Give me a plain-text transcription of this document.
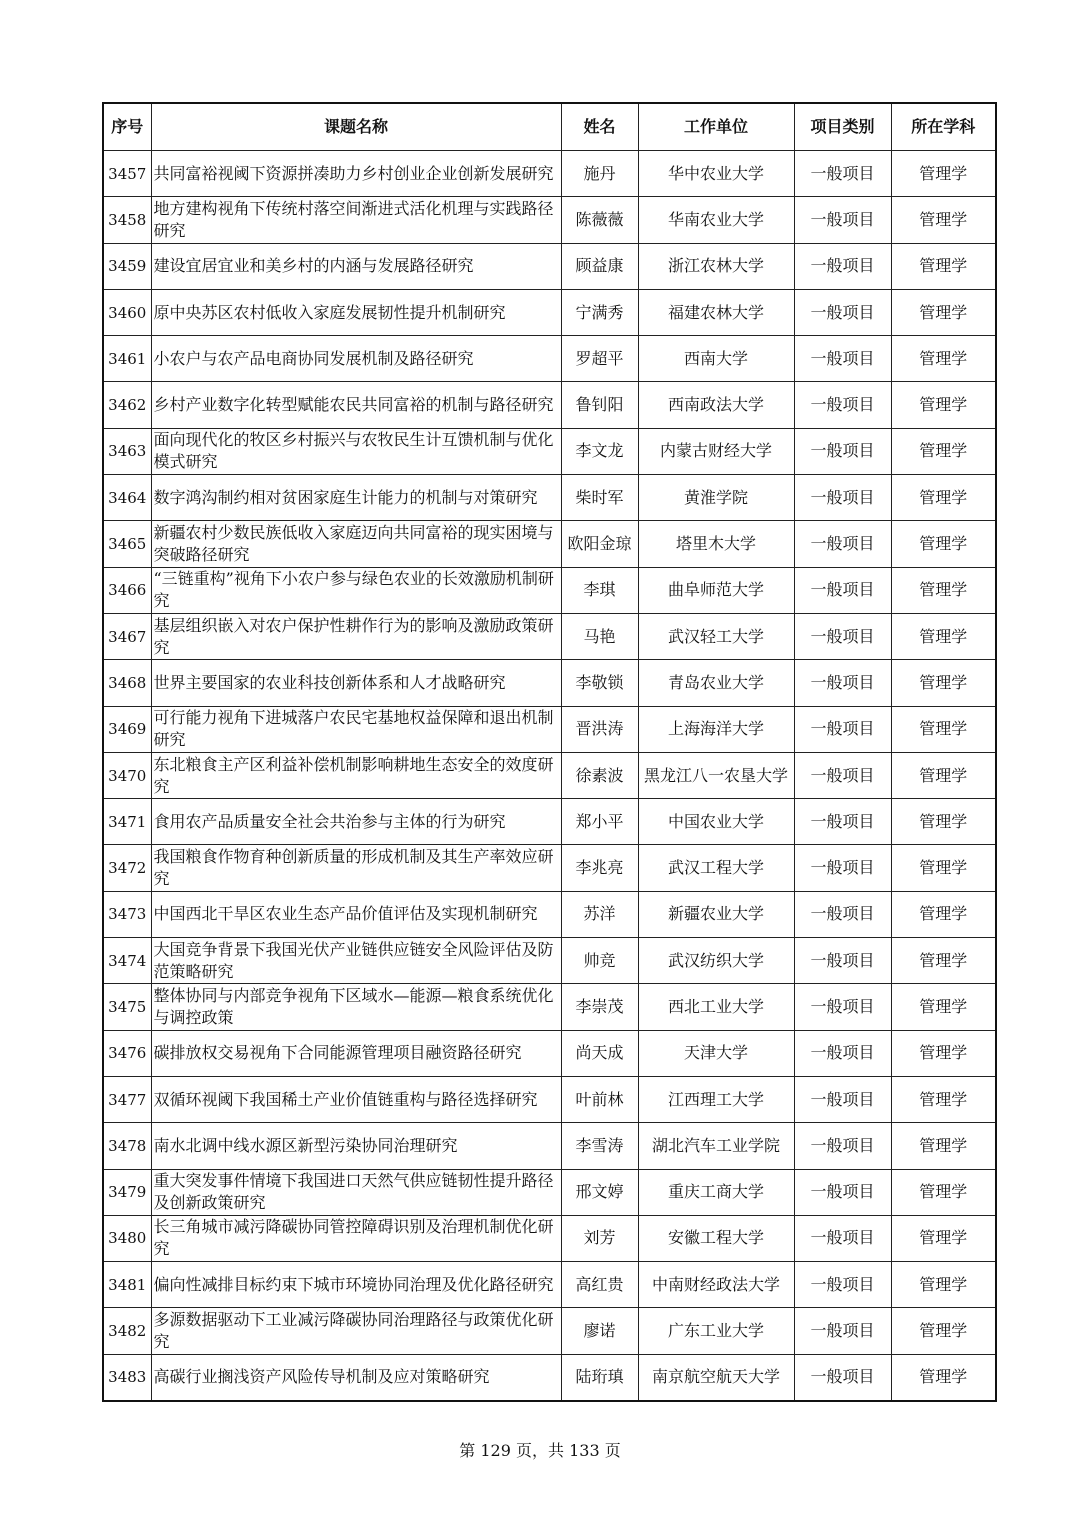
序号	课题名称	姓名	工作单位	项目类别	所在学科
3457	共同富裕视阈下资源拼凑助力乡村创业企业创新发展研究	施丹	华中农业大学	一般项目	管理学
3458	地方建构视角下传统村落空间渐进式活化机理与实践路径研究	陈薇薇	华南农业大学	一般项目	管理学
3459	建设宜居宜业和美乡村的内涵与发展路径研究	顾益康	浙江农林大学	一般项目	管理学
3460	原中央苏区农村低收入家庭发展韧性提升机制研究	宁满秀	福建农林大学	一般项目	管理学
3461	小农户与农产品电商协同发展机制及路径研究	罗超平	西南大学	一般项目	管理学
3462	乡村产业数字化转型赋能农民共同富裕的机制与路径研究	鲁钊阳	西南政法大学	一般项目	管理学
3463	面向现代化的牧区乡村振兴与农牧民生计互馈机制与优化模式研究	李文龙	内蒙古财经大学	一般项目	管理学
3464	数字鸿沟制约相对贫困家庭生计能力的机制与对策研究	柴时军	黄淮学院	一般项目	管理学
3465	新疆农村少数民族低收入家庭迈向共同富裕的现实困境与突破路径研究	欧阳金琼	塔里木大学	一般项目	管理学
3466	“三链重构”视角下小农户参与绿色农业的长效激励机制研究	李琪	曲阜师范大学	一般项目	管理学
3467	基层组织嵌入对农户保护性耕作行为的影响及激励政策研究	马艳	武汉轻工大学	一般项目	管理学
3468	世界主要国家的农业科技创新体系和人才战略研究	李敬锁	青岛农业大学	一般项目	管理学
3469	可行能力视角下进城落户农民宅基地权益保障和退出机制研究	晋洪涛	上海海洋大学	一般项目	管理学
3470	东北粮食主产区利益补偿机制影响耕地生态安全的效度研究	徐素波	黑龙江八一农垦大学	一般项目	管理学
3471	食用农产品质量安全社会共治参与主体的行为研究	郑小平	中国农业大学	一般项目	管理学
3472	我国粮食作物育种创新质量的形成机制及其生产率效应研究	李兆亮	武汉工程大学	一般项目	管理学
3473	中国西北干旱区农业生态产品价值评估及实现机制研究	苏洋	新疆农业大学	一般项目	管理学
3474	大国竞争背景下我国光伏产业链供应链安全风险评估及防范策略研究	帅竞	武汉纺织大学	一般项目	管理学
3475	整体协同与内部竞争视角下区域水—能源—粮食系统优化与调控政策	李崇茂	西北工业大学	一般项目	管理学
3476	碳排放权交易视角下合同能源管理项目融资路径研究	尚天成	天津大学	一般项目	管理学
3477	双循环视阈下我国稀土产业价值链重构与路径选择研究	叶前林	江西理工大学	一般项目	管理学
3478	南水北调中线水源区新型污染协同治理研究	李雪涛	湖北汽车工业学院	一般项目	管理学
3479	重大突发事件情境下我国进口天然气供应链韧性提升路径及创新政策研究	邢文婷	重庆工商大学	一般项目	管理学
3480	长三角城市减污降碳协同管控障碍识别及治理机制优化研究	刘芳	安徽工程大学	一般项目	管理学
3481	偏向性减排目标约束下城市环境协同治理及优化路径研究	高红贵	中南财经政法大学	一般项目	管理学
3482	多源数据驱动下工业减污降碳协同治理路径与政策优化研究	廖诺	广东工业大学	一般项目	管理学
3483	高碳行业搁浅资产风险传导机制及应对策略研究	陆珩瑱	南京航空航天大学	一般项目	管理学
第 129 页，共 133 页
